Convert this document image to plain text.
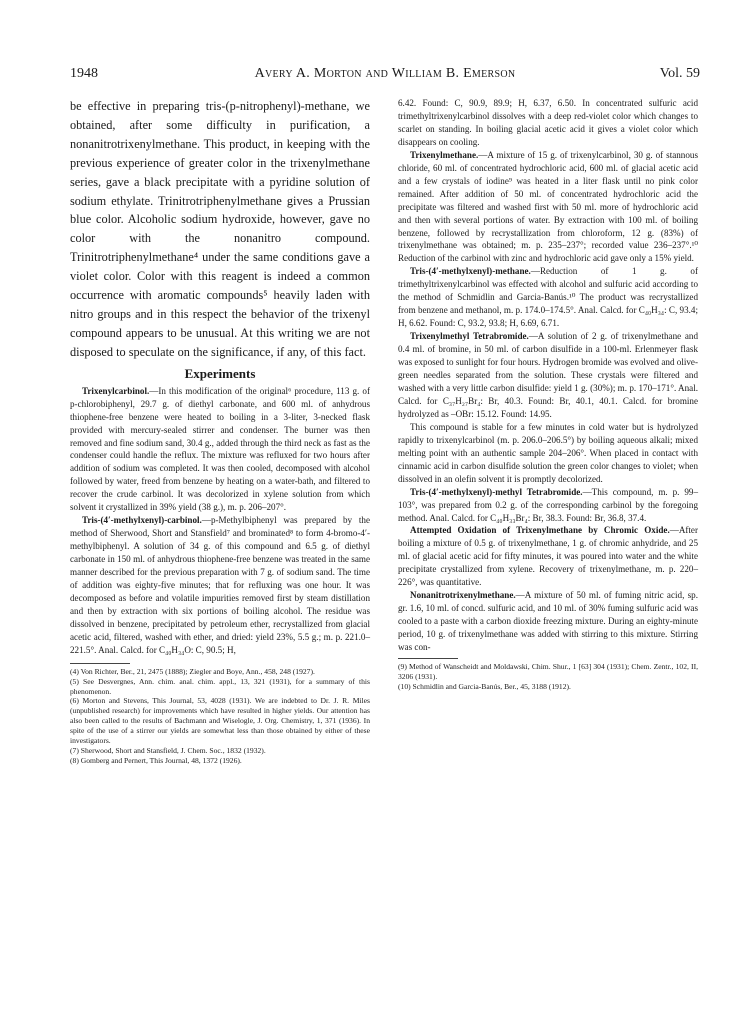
1948	Avery A. Morton and William B. Emerson	Vol. 59

be effective in preparing tris-(p-nitrophenyl)-methane, we obtained, after some difficulty in purification, a nonanitrotrixenylmethane. This product, in keeping with the previous experience of greater color in the trixenylmethane series, gave a black precipitate with a pyridine solution of sodium ethylate. Trinitrotriphenylmethane gives a Prussian blue color. Alcoholic sodium hydroxide, however, gave no color with the nonanitro compound. Trinitrotriphenylmethane⁴ under the same conditions gave a violet color. Color with this reagent is indeed a common occurrence with aromatic compounds⁵ heavily laden with nitro groups and in this respect the behavior of the trixenyl compound appears to be unusual. At this writing we are not disposed to speculate on the significance, if any, of this fact.

Experiments

Trixenylcarbinol.—In this modification of the original⁶ procedure, 113 g. of p-chlorobiphenyl, 29.7 g. of diethyl carbonate, and 600 ml. of anhydrous thiophene-free benzene were heated to boiling in a 3-liter, 3-necked flask provided with mercury-sealed stirrer and condenser. The burner was then removed and fine sodium sand, 30.4 g., added through the third neck as fast as the condenser could handle the reflux. The mixture was refluxed for two hours after addition of sodium was completed. It was then cooled, decomposed with alcohol followed by water, freed from benzene by heating on a water-bath, and filtered to recover the crude carbinol. It was decolorized in xylene solution from which solvent it crystallized in 39% yield (38 g.), m. p. 206–207°.

Tris-(4′-methylxenyl)-carbinol.—p-Methylbiphenyl was prepared by the method of Sherwood, Short and Stansfield⁷ and brominated⁸ to form 4-bromo-4′-methylbiphenyl. A solution of 34 g. of this compound and 6.5 g. of diethyl carbonate in 150 ml. of anhydrous thiophene-free benzene was treated in the same manner described for the previous preparation with 7 g. of sodium sand. The time of addition was eighty-five minutes; that for refluxing was one hour. It was decomposed as before and volatile impurities removed first by steam distillation and then by extraction with six portions of boiling alcohol. The residue was dissolved in benzene, precipitated by petroleum ether, recrystallized from glacial acetic acid, filtered, washed with ether, and dried: yield 23%, 5.5 g.; m. p. 221.0–221.5°. Anal. Calcd. for C₄₀H₃₄O: C, 90.5; H,

(4) Von Richter, Ber., 21, 2475 (1888); Ziegler and Boye, Ann., 458, 248 (1927).

(5) See Desvergnes, Ann. chim. anal. chim. appl., 13, 321 (1931), for a summary of this phenomenon.

(6) Morton and Stevens, This Journal, 53, 4028 (1931). We are indebted to Dr. J. R. Miles (unpublished research) for improvements which have resulted in higher yields. Our attention has also been called to the results of Bachmann and Wiselogle, J. Org. Chemistry, 1, 371 (1936). In spite of the use of a stirrer our yields are somewhat less than those obtained by either of these investigators.

(7) Sherwood, Short and Stansfield, J. Chem. Soc., 1832 (1932).

(8) Gomberg and Pernert, This Journal, 48, 1372 (1926).

6.42. Found: C, 90.9, 89.9; H, 6.37, 6.50. In concentrated sulfuric acid trimethyltrixenylcarbinol dissolves with a deep red-violet color which changes to scarlet on standing. In boiling glacial acetic acid it gives a violet color which disappears on cooling.

Trixenylmethane.—A mixture of 15 g. of trixenylcarbinol, 30 g. of stannous chloride, 60 ml. of concentrated hydrochloric acid, 600 ml. of glacial acetic acid and a few crystals of iodine⁹ was heated in a liter flask until no pink color remained. After addition of 50 ml. of concentrated hydrochloric acid the precipitate was filtered and washed first with 50 ml. more of hydrochloric acid and then with several portions of water. By extraction with 100 ml. of boiling benzene, followed by recrystallization from chloroform, 12 g. (83%) of trixenylmethane was obtained; m. p. 235–237°; recorded value 236–237°.¹⁰ Reduction of the carbinol with zinc and hydrochloric acid gave only a 15% yield.

Tris-(4′-methylxenyl)-methane.—Reduction of 1 g. of trimethyltrixenylcarbinol was effected with alcohol and sulfuric acid according to the method of Schmidlin and Garcia-Banús.¹⁰ The product was recrystallized from benzene and methanol, m. p. 174.0–174.5°. Anal. Calcd. for C₄₀H₃₄: C, 93.4; H, 6.62. Found: C, 93.2, 93.8; H, 6.69, 6.71.

Trixenylmethyl Tetrabromide.—A solution of 2 g. of trixenylmethane and 0.4 ml. of bromine, in 50 ml. of carbon disulfide in a 100-ml. Erlenmeyer flask was exposed to sunlight for four hours. Hydrogen bromide was evolved and olive-green needles separated from the solution. These crystals were filtered and washed with a very little carbon disulfide: yield 1 g. (30%); m. p. 170–171°. Anal. Calcd. for C₃₇H₂₇Br₄: Br, 40.3. Found: Br, 40.1, 40.1. Calcd. for bromine hydrolyzed as –OBr: 15.12. Found: 14.95.

This compound is stable for a few minutes in cold water but is hydrolyzed rapidly to trixenylcarbinol (m. p. 206.0–206.5°) by boiling aqueous alkali; mixed melting point with an authentic sample 204–206°. When placed in contact with cinnamic acid in carbon disulfide solution the green color changes to violet; when dissolved in an olefin solvent it is promptly decolorized.

Tris-(4′-methylxenyl)-methyl Tetrabromide.—This compound, m. p. 99–103°, was prepared from 0.2 g. of the corresponding carbinol by the foregoing method. Anal. Calcd. for C₄₀H₃₃Br₄: Br, 38.3. Found: Br, 36.8, 37.4.

Attempted Oxidation of Trixenylmethane by Chromic Oxide.—After boiling a mixture of 0.5 g. of trixenylmethane, 1 g. of chromic anhydride, and 25 ml. of glacial acetic acid for fifty minutes, it was poured into water and the white precipitate crystallized from xylene. Recovery of trixenylmethane, m. p. 220–226°, was quantitative.

Nonanitrotrixenylmethane.—A mixture of 50 ml. of fuming nitric acid, sp. gr. 1.6, 10 ml. of concd. sulfuric acid, and 10 ml. of 30% fuming sulfuric acid was cooled to a paste with a carbon dioxide freezing mixture. During an eighty-minute period, 10 g. of trixenylmethane was added with stirring to this mixture. Stirring was con-

(9) Method of Wanscheidt and Moldawski, Chim. Shur., 1 [63] 304 (1931); Chem. Zentr., 102, II, 3206 (1931).

(10) Schmidlin and Garcia-Banús, Ber., 45, 3188 (1912).
